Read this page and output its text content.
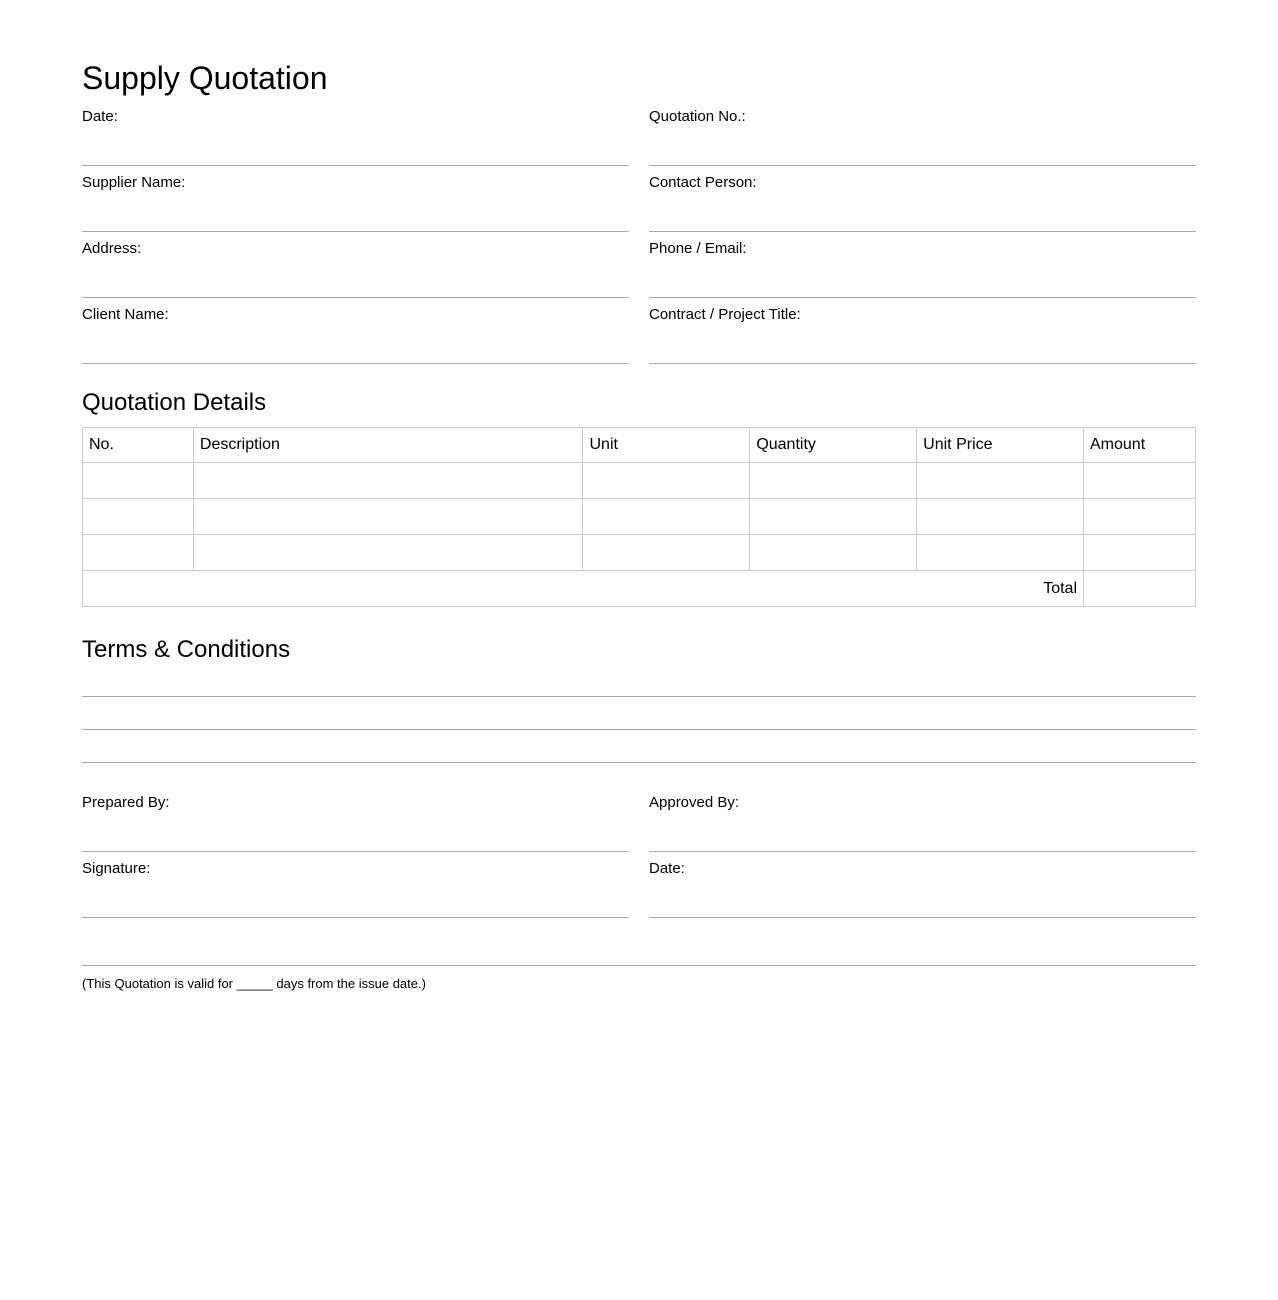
Supply Quotation
Date:	Quotation No.:
Supplier Name:	Contact Person:
Address:	Phone / Email:
Client Name:	Contract / Project Title:
Quotation Details
No.	Description	Unit	Quantity	Unit Price	Amount

Total					
Terms & Conditions
Prepared By:	Approved By:
Signature:	Date:
(This Quotation is valid for _____ days from the issue date.)
